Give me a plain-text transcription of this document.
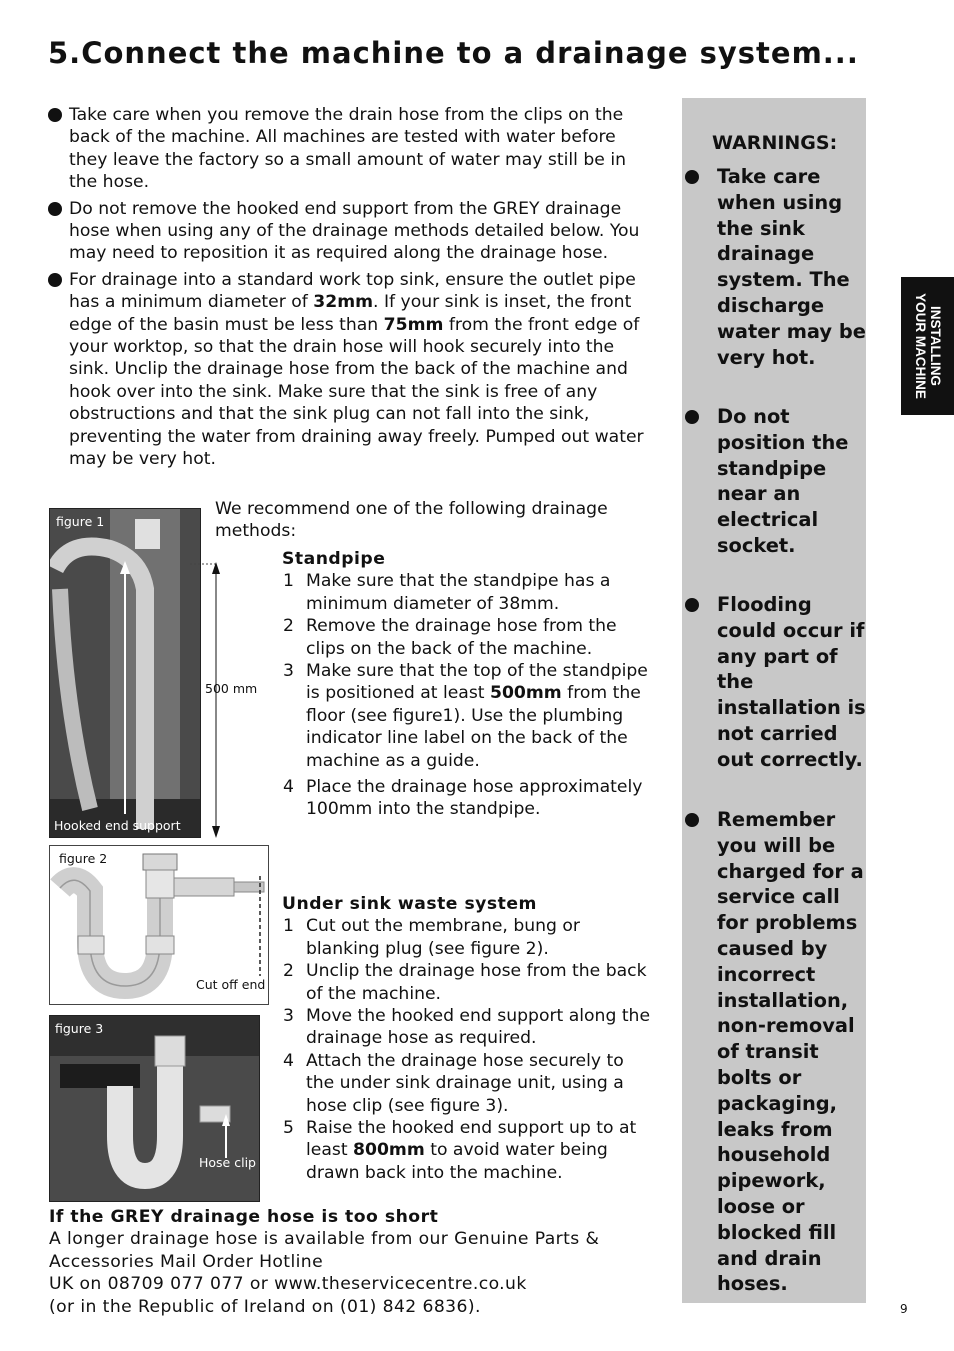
5.Connect the machine to a drainage system...

Take care when you remove the drain hose from the clips on the back of the machine. All machines are tested with water before they leave the factory so a small amount of water may still be in the hose.

Do not remove the hooked end support from the GREY drainage hose when using any of the drainage methods detailed below. You may need to reposition it as required along the drainage hose.

For drainage into a standard work top sink, ensure the outlet pipe has a minimum diameter of 32mm. If your sink is inset, the front edge of the basin must be less than 75mm from the front edge of your worktop, so that the drain hose will hook securely into the sink. Unclip the drainage hose from the back of the machine and hook over into the sink. Make sure that the sink is free of any obstructions and that the sink plug can not fall into the sink, preventing the water from draining away freely. Pumped out water may be very hot.

We recommend one of the following drainage methods:

Standpipe
1 Make sure that the standpipe has a minimum diameter of 38mm.
2 Remove the drainage hose from the clips on the back of the machine.
3 Make sure that the top of the standpipe is positioned at least 500mm from the floor (see figure1). Use the plumbing indicator line label on the back of the machine as a guide.
4 Place the drainage hose approximately 100mm into the standpipe.
Under sink waste system
1 Cut out the membrane, bung or blanking plug (see figure 2).
2 Unclip the drainage hose from the back of the machine.
3 Move the hooked end support along the drainage hose as required.
4 Attach the drainage hose securely to the under sink drainage unit, using a hose clip (see figure 3).
5 Raise the hooked end support up to at least 800mm to avoid water being drawn back into the machine.
figure 1
Hooked end support
500 mm
figure 2
Cut off end
figure 3
Hose clip
If the GREY drainage hose is too short

A longer drainage hose is available from our Genuine Parts & Accessories Mail Order Hotline

UK on 08709 077 077 or www.theservicecentre.co.uk

(or in the Republic of Ireland on (01) 842 6836).

WARNINGS:

Take care when using the sink drainage system. The discharge water may be very hot.

Do not position the standpipe near an electrical socket.

Flooding could occur if any part of the installation is not carried out correctly.

Remember you will be charged for a service call for problems caused by incorrect installation, non-removal of transit bolts or packaging, leaks from household pipework, loose or blocked fill and drain hoses.

INSTALLING
YOUR MACHINE
9
